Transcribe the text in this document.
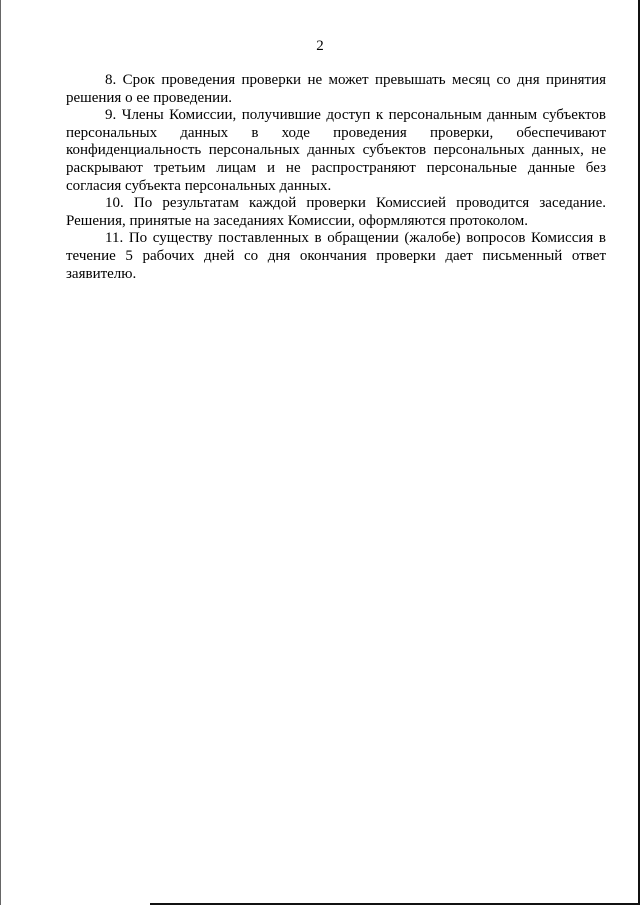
2

8. Срок проведения проверки не может превышать месяц со дня принятия решения о ее проведении.

9. Члены Комиссии, получившие доступ к персональным данным субъектов персональных данных в ходе проведения проверки, обеспечивают конфиденциальность персональных данных субъектов персональных данных, не раскрывают третьим лицам и не распространяют персональные данные без согласия субъекта персональных данных.

10. По результатам каждой проверки Комиссией проводится заседание. Решения, принятые на заседаниях Комиссии, оформляются протоколом.

11. По существу поставленных в обращении (жалобе) вопросов Комиссия в течение 5 рабочих дней со дня окончания проверки дает письменный ответ заявителю.
